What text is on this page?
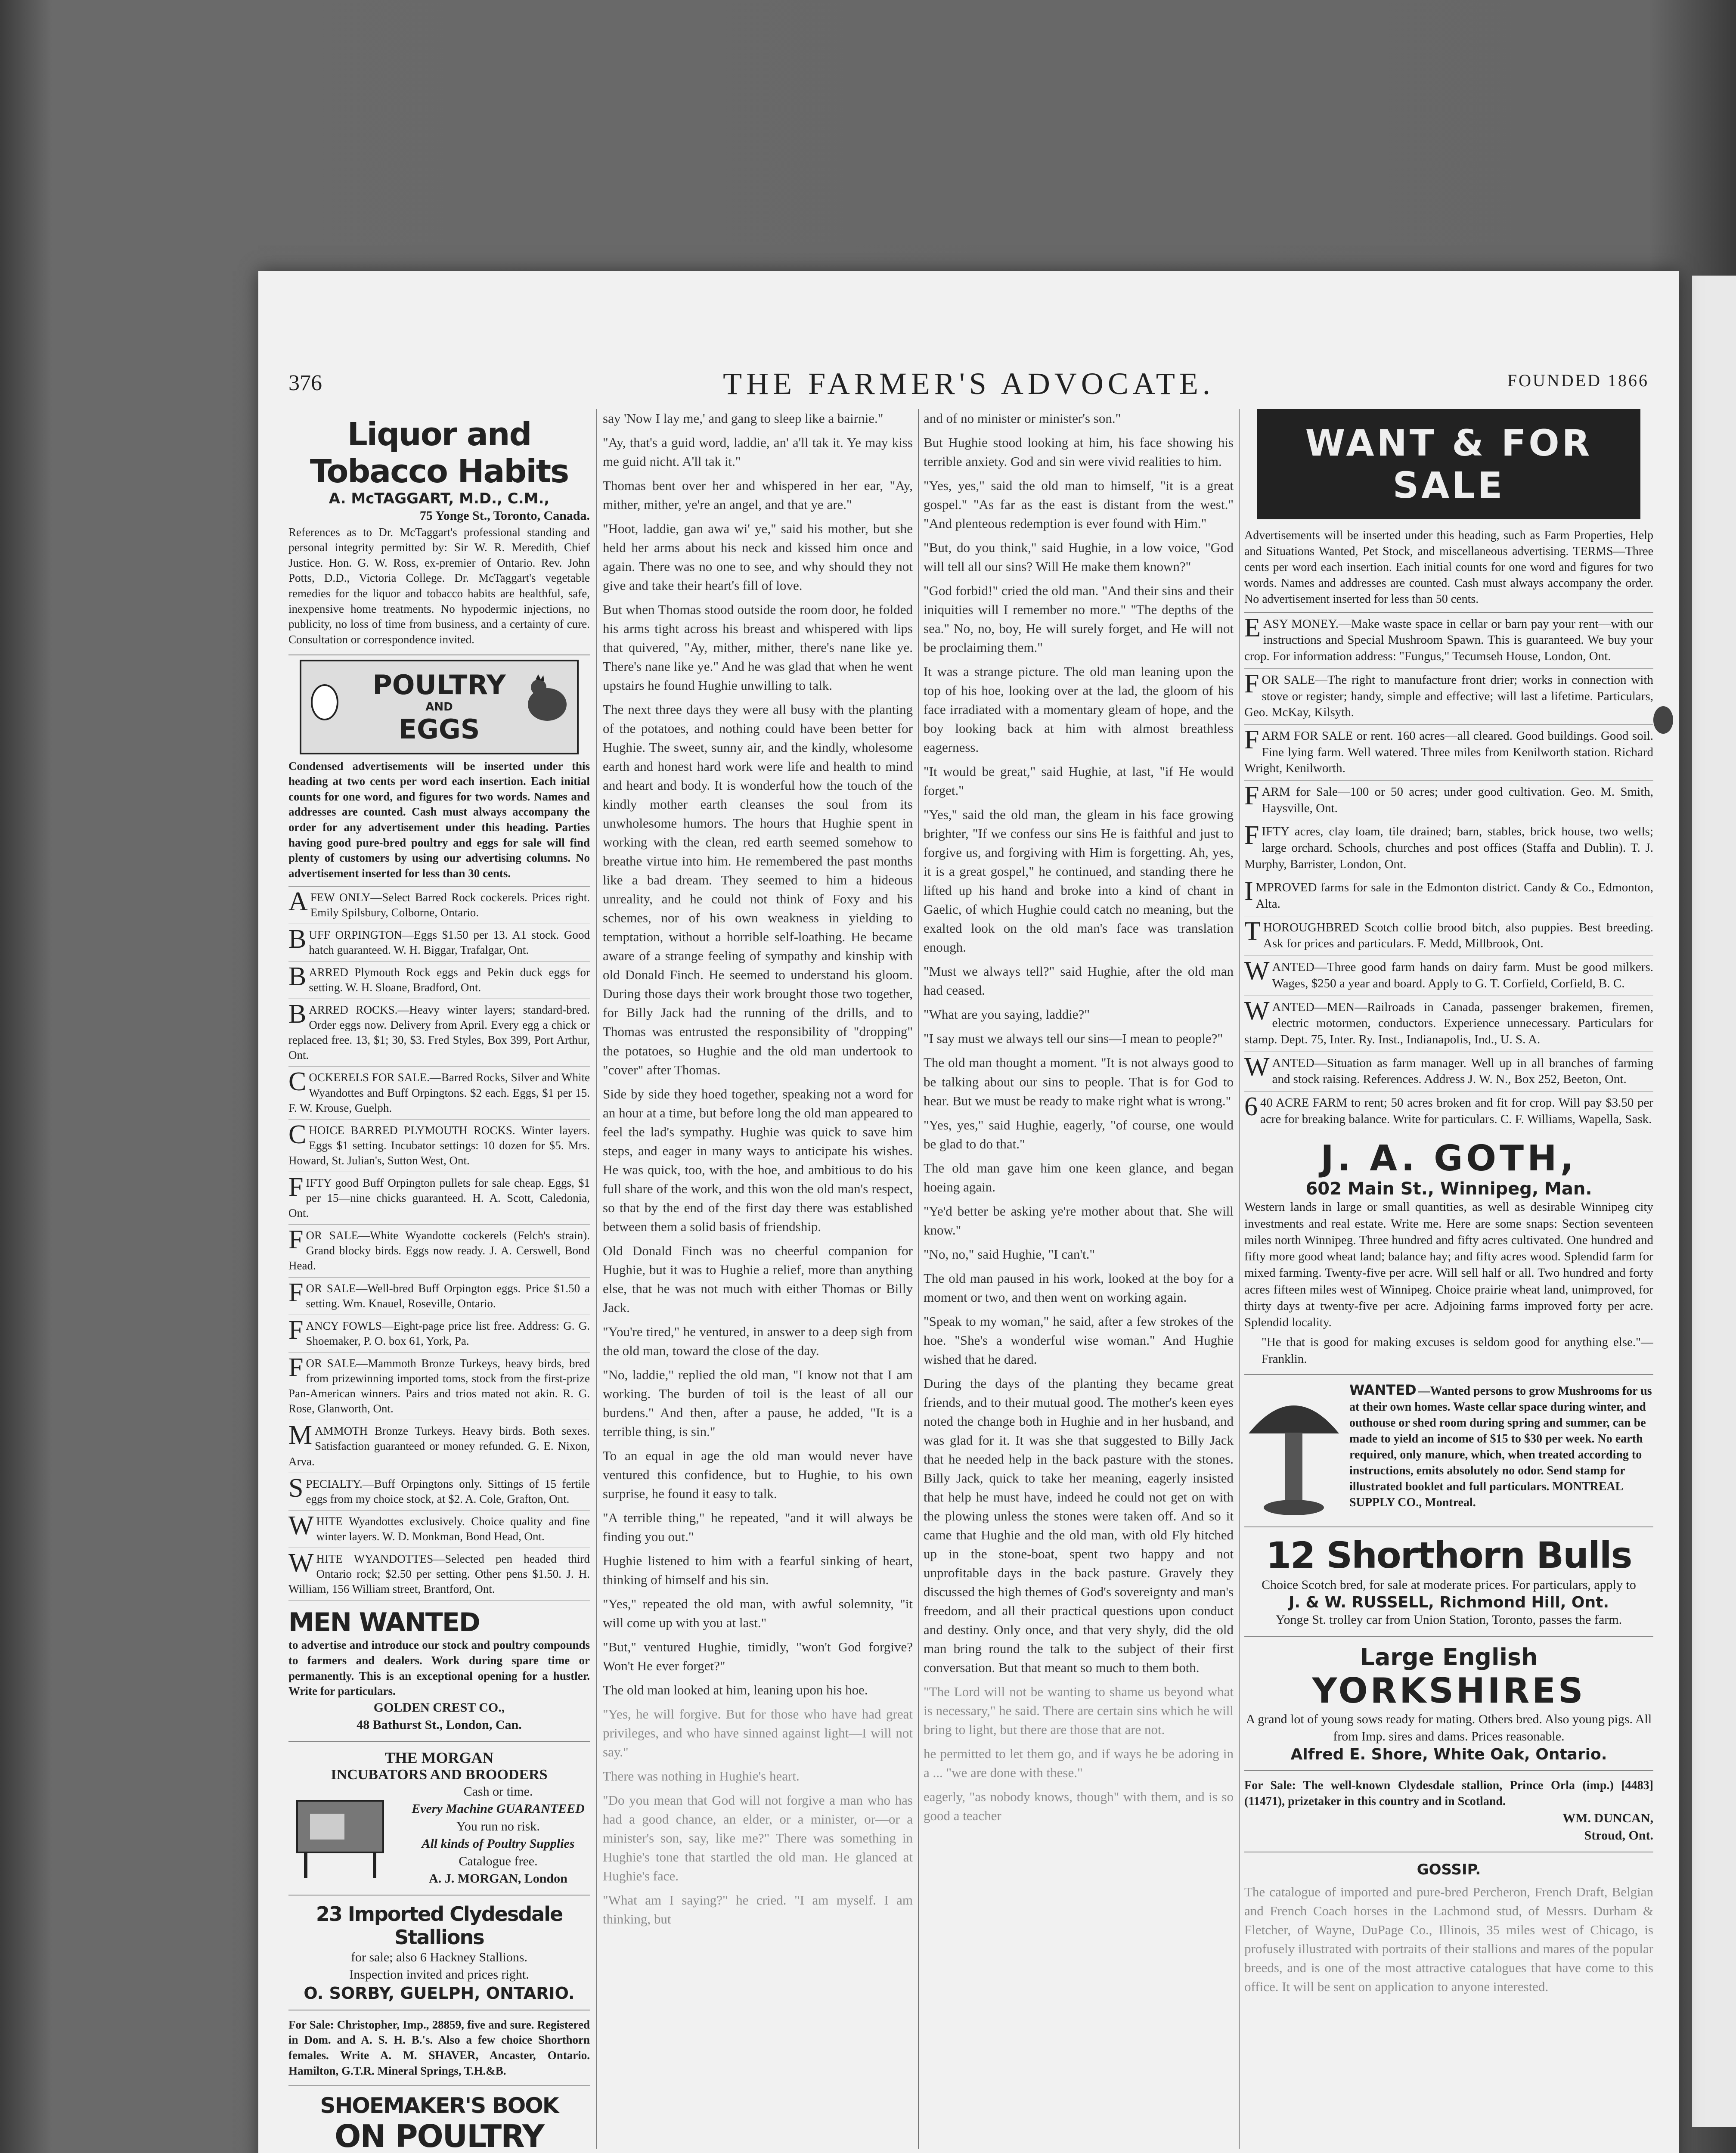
376	THE FARMER'S ADVOCATE.	FOUNDED 1866
Liquor and Tobacco Habits
A. McTAGGART, M.D., C.M.,
75 Yonge St., Toronto, Canada.
References as to Dr. McTaggart's professional standing and personal integrity permitted by: Sir W. R. Meredith, Chief Justice. Hon. G. W. Ross, ex-premier of Ontario. Rev. John Potts, D.D., Victoria College. Dr. McTaggart's vegetable remedies for the liquor and tobacco habits are healthful, safe, inexpensive home treatments. No hypodermic injections, no publicity, no loss of time from business, and a certainty of cure. Consultation or correspondence invited.
POULTRY
AND
EGGS
Condensed advertisements will be inserted under this heading at two cents per word each insertion. Each initial counts for one word, and figures for two words. Names and addresses are counted. Cash must always accompany the order for any advertisement under this heading. Parties having good pure-bred poultry and eggs for sale will find plenty of customers by using our advertising columns. No advertisement inserted for less than 30 cents.
AFEW ONLY—Select Barred Rock cockerels. Prices right. Emily Spilsbury, Colborne, Ontario.
BUFF ORPINGTON—Eggs $1.50 per 13. A1 stock. Good hatch guaranteed. W. H. Biggar, Trafalgar, Ont.
BARRED Plymouth Rock eggs and Pekin duck eggs for setting. W. H. Sloane, Bradford, Ont.
BARRED ROCKS.—Heavy winter layers; standard-bred. Order eggs now. Delivery from April. Every egg a chick or replaced free. 13, $1; 30, $3. Fred Styles, Box 399, Port Arthur, Ont.
COCKERELS FOR SALE.—Barred Rocks, Silver and White Wyandottes and Buff Orpingtons. $2 each. Eggs, $1 per 15. F. W. Krouse, Guelph.
CHOICE BARRED PLYMOUTH ROCKS. Winter layers. Eggs $1 setting. Incubator settings: 10 dozen for $5. Mrs. Howard, St. Julian's, Sutton West, Ont.
FIFTY good Buff Orpington pullets for sale cheap. Eggs, $1 per 15—nine chicks guaranteed. H. A. Scott, Caledonia, Ont.
FOR SALE—White Wyandotte cockerels (Felch's strain). Grand blocky birds. Eggs now ready. J. A. Cerswell, Bond Head.
FOR SALE—Well-bred Buff Orpington eggs. Price $1.50 a setting. Wm. Knauel, Roseville, Ontario.
FANCY FOWLS—Eight-page price list free. Address: G. G. Shoemaker, P. O. box 61, York, Pa.
FOR SALE—Mammoth Bronze Turkeys, heavy birds, bred from prizewinning imported toms, stock from the first-prize Pan-American winners. Pairs and trios mated not akin. R. G. Rose, Glanworth, Ont.
MAMMOTH Bronze Turkeys. Heavy birds. Both sexes. Satisfaction guaranteed or money refunded. G. E. Nixon, Arva.
SPECIALTY.—Buff Orpingtons only. Sittings of 15 fertile eggs from my choice stock, at $2. A. Cole, Grafton, Ont.
WHITE Wyandottes exclusively. Choice quality and fine winter layers. W. D. Monkman, Bond Head, Ont.
WHITE WYANDOTTES—Selected pen headed third Ontario rock; $2.50 per setting. Other pens $1.50. J. H. William, 156 William street, Brantford, Ont.
MEN WANTED
to advertise and introduce our stock and poultry compounds to farmers and dealers. Work during spare time or permanently. This is an exceptional opening for a hustler. Write for particulars.
GOLDEN CREST CO.,
48 Bathurst St., London, Can.
THE MORGAN
INCUBATORS AND BROODERS
Cash or time.
Every Machine GUARANTEED
You run no risk.
All kinds of Poultry Supplies
Catalogue free.
A. J. MORGAN, London
23 Imported Clydesdale Stallions
for sale; also 6 Hackney Stallions.
Inspection invited and prices right.
O. SORBY, GUELPH, ONTARIO.
For Sale: Christopher, Imp., 28859, five and sure. Registered in Dom. and A. S. H. B.'s. Also a few choice Shorthorn females. Write A. M. SHAVER, Ancaster, Ontario. Hamilton, G.T.R. Mineral Springs, T.H.&B.
SHOEMAKER'S BOOK
ON POULTRY

say 'Now I lay me,' and gang to sleep like a bairnie."

"Ay, that's a guid word, laddie, an' a'll tak it. Ye may kiss me guid nicht. A'll tak it."

Thomas bent over her and whispered in her ear, "Ay, mither, mither, ye're an angel, and that ye are."

"Hoot, laddie, gan awa wi' ye," said his mother, but she held her arms about his neck and kissed him once and again. There was no one to see, and why should they not give and take their heart's fill of love.

But when Thomas stood outside the room door, he folded his arms tight across his breast and whispered with lips that quivered, "Ay, mither, mither, there's nane like ye. There's nane like ye." And he was glad that when he went upstairs he found Hughie unwilling to talk.

The next three days they were all busy with the planting of the potatoes, and nothing could have been better for Hughie. The sweet, sunny air, and the kindly, wholesome earth and honest hard work were life and health to mind and heart and body. It is wonderful how the touch of the kindly mother earth cleanses the soul from its unwholesome humors. The hours that Hughie spent in working with the clean, red earth seemed somehow to breathe virtue into him. He remembered the past months like a bad dream. They seemed to him a hideous unreality, and he could not think of Foxy and his schemes, nor of his own weakness in yielding to temptation, without a horrible self-loathing. He became aware of a strange feeling of sympathy and kinship with old Donald Finch. He seemed to understand his gloom. During those days their work brought those two together, for Billy Jack had the running of the drills, and to Thomas was entrusted the responsibility of "dropping" the potatoes, so Hughie and the old man undertook to "cover" after Thomas.

Side by side they hoed together, speaking not a word for an hour at a time, but before long the old man appeared to feel the lad's sympathy. Hughie was quick to save him steps, and eager in many ways to anticipate his wishes. He was quick, too, with the hoe, and ambitious to do his full share of the work, and this won the old man's respect, so that by the end of the first day there was established between them a solid basis of friendship.

Old Donald Finch was no cheerful companion for Hughie, but it was to Hughie a relief, more than anything else, that he was not much with either Thomas or Billy Jack.

"You're tired," he ventured, in answer to a deep sigh from the old man, toward the close of the day.

"No, laddie," replied the old man, "I know not that I am working. The burden of toil is the least of all our burdens." And then, after a pause, he added, "It is a terrible thing, is sin."

To an equal in age the old man would never have ventured this confidence, but to Hughie, to his own surprise, he found it easy to talk.

"A terrible thing," he repeated, "and it will always be finding you out."

Hughie listened to him with a fearful sinking of heart, thinking of himself and his sin.

"Yes," repeated the old man, with awful solemnity, "it will come up with you at last."

"But," ventured Hughie, timidly, "won't God forgive? Won't He ever forget?"

The old man looked at him, leaning upon his hoe.

"Yes, he will forgive. But for those who have had great privileges, and who have sinned against light—I will not say."

There was nothing in Hughie's heart.

"Do you mean that God will not forgive a man who has had a good chance, an elder, or a minister, or—or a minister's son, say, like me?" There was something in Hughie's tone that startled the old man. He glanced at Hughie's face.

"What am I saying?" he cried. "I am myself. I am thinking, but

and of no minister or minister's son."

But Hughie stood looking at him, his face showing his terrible anxiety. God and sin were vivid realities to him.

"Yes, yes," said the old man to himself, "it is a great gospel." "As far as the east is distant from the west." "And plenteous redemption is ever found with Him."

"But, do you think," said Hughie, in a low voice, "God will tell all our sins? Will He make them known?"

"God forbid!" cried the old man. "And their sins and their iniquities will I remember no more." "The depths of the sea." No, no, boy, He will surely forget, and He will not be proclaiming them."

It was a strange picture. The old man leaning upon the top of his hoe, looking over at the lad, the gloom of his face irradiated with a momentary gleam of hope, and the boy looking back at him with almost breathless eagerness.

"It would be great," said Hughie, at last, "if He would forget."

"Yes," said the old man, the gleam in his face growing brighter, "If we confess our sins He is faithful and just to forgive us, and forgiving with Him is forgetting. Ah, yes, it is a great gospel," he continued, and standing there he lifted up his hand and broke into a kind of chant in Gaelic, of which Hughie could catch no meaning, but the exalted look on the old man's face was translation enough.

"Must we always tell?" said Hughie, after the old man had ceased.

"What are you saying, laddie?"

"I say must we always tell our sins—I mean to people?"

The old man thought a moment. "It is not always good to be talking about our sins to people. That is for God to hear. But we must be ready to make right what is wrong."

"Yes, yes," said Hughie, eagerly, "of course, one would be glad to do that."

The old man gave him one keen glance, and began hoeing again.

"Ye'd better be asking ye're mother about that. She will know."

"No, no," said Hughie, "I can't."

The old man paused in his work, looked at the boy for a moment or two, and then went on working again.

"Speak to my woman," he said, after a few strokes of the hoe. "She's a wonderful wise woman." And Hughie wished that he dared.

During the days of the planting they became great friends, and to their mutual good. The mother's keen eyes noted the change both in Hughie and in her husband, and was glad for it. It was she that suggested to Billy Jack that he needed help in the back pasture with the stones. Billy Jack, quick to take her meaning, eagerly insisted that help he must have, indeed he could not get on with the plowing unless the stones were taken off. And so it came that Hughie and the old man, with old Fly hitched up in the stone-boat, spent two happy and not unprofitable days in the back pasture. Gravely they discussed the high themes of God's sovereignty and man's freedom, and all their practical questions upon conduct and destiny. Only once, and that very shyly, did the old man bring round the talk to the subject of their first conversation. But that meant so much to them both.

"The Lord will not be wanting to shame us beyond what is necessary," he said. There are certain sins which he will bring to light, but there are those that are not.

he permitted to let them go, and if ways he be adoring in a ... "we are done with these."

eagerly, "as nobody knows, though" with them, and is so good a teacher

WANT & FOR SALE
Advertisements will be inserted under this heading, such as Farm Properties, Help and Situations Wanted, Pet Stock, and miscellaneous advertising. TERMS—Three cents per word each insertion. Each initial counts for one word and figures for two words. Names and addresses are counted. Cash must always accompany the order. No advertisement inserted for less than 50 cents.
EASY MONEY.—Make waste space in cellar or barn pay your rent—with our instructions and Special Mushroom Spawn. This is guaranteed. We buy your crop. For information address: "Fungus," Tecumseh House, London, Ont.
FOR SALE—The right to manufacture front drier; works in connection with stove or register; handy, simple and effective; will last a lifetime. Particulars, Geo. McKay, Kilsyth.
FARM FOR SALE or rent. 160 acres—all cleared. Good buildings. Good soil. Fine lying farm. Well watered. Three miles from Kenilworth station. Richard Wright, Kenilworth.
FARM for Sale—100 or 50 acres; under good cultivation. Geo. M. Smith, Haysville, Ont.
FIFTY acres, clay loam, tile drained; barn, stables, brick house, two wells; large orchard. Schools, churches and post offices (Staffa and Dublin). T. J. Murphy, Barrister, London, Ont.
IMPROVED farms for sale in the Edmonton district. Candy & Co., Edmonton, Alta.
THOROUGHBRED Scotch collie brood bitch, also puppies. Best breeding. Ask for prices and particulars. F. Medd, Millbrook, Ont.
WANTED—Three good farm hands on dairy farm. Must be good milkers. Wages, $250 a year and board. Apply to G. T. Corfield, Corfield, B. C.
WANTED—MEN—Railroads in Canada, passenger brakemen, firemen, electric motormen, conductors. Experience unnecessary. Particulars for stamp. Dept. 75, Inter. Ry. Inst., Indianapolis, Ind., U. S. A.
WANTED—Situation as farm manager. Well up in all branches of farming and stock raising. References. Address J. W. N., Box 252, Beeton, Ont.
640 ACRE FARM to rent; 50 acres broken and fit for crop. Will pay $3.50 per acre for breaking balance. Write for particulars. C. F. Williams, Wapella, Sask.
J. A. GOTH,
602 Main St., Winnipeg, Man.
Western lands in large or small quantities, as well as desirable Winnipeg city investments and real estate. Write me. Here are some snaps: Section seventeen miles north Winnipeg. Three hundred and fifty acres cultivated. One hundred and fifty more good wheat land; balance hay; and fifty acres wood. Splendid farm for mixed farming. Twenty-five per acre. Will sell half or all. Two hundred and forty acres fifteen miles west of Winnipeg. Choice prairie wheat land, unimproved, for thirty days at twenty-five per acre. Adjoining farms improved forty per acre. Splendid locality.
"He that is good for making excuses is seldom good for anything else."—Franklin.
WANTED —Wanted persons to grow Mushrooms for us at their own homes. Waste cellar space during winter, and outhouse or shed room during spring and summer, can be made to yield an income of $15 to $30 per week. No earth required, only manure, which, when treated according to instructions, emits absolutely no odor. Send stamp for illustrated booklet and full particulars. MONTREAL SUPPLY CO., Montreal.
12 Shorthorn Bulls
Choice Scotch bred, for sale at moderate prices. For particulars, apply to
J. & W. RUSSELL, Richmond Hill, Ont.
Yonge St. trolley car from Union Station, Toronto, passes the farm.
Large English
YORKSHIRES
A grand lot of young sows ready for mating. Others bred. Also young pigs. All from Imp. sires and dams. Prices reasonable.
Alfred E. Shore, White Oak, Ontario.
For Sale: The well-known Clydesdale stallion, Prince Orla (imp.) [4483] (11471), prizetaker in this country and in Scotland.
WM. DUNCAN,
Stroud, Ont.
GOSSIP.

The catalogue of imported and pure-bred Percheron, French Draft, Belgian and French Coach horses in the Lachmond stud, of Messrs. Durham & Fletcher, of Wayne, DuPage Co., Illinois, 35 miles west of Chicago, is profusely illustrated with portraits of their stallions and mares of the popular breeds, and is one of the most attractive catalogues that have come to this office. It will be sent on application to anyone interested.
